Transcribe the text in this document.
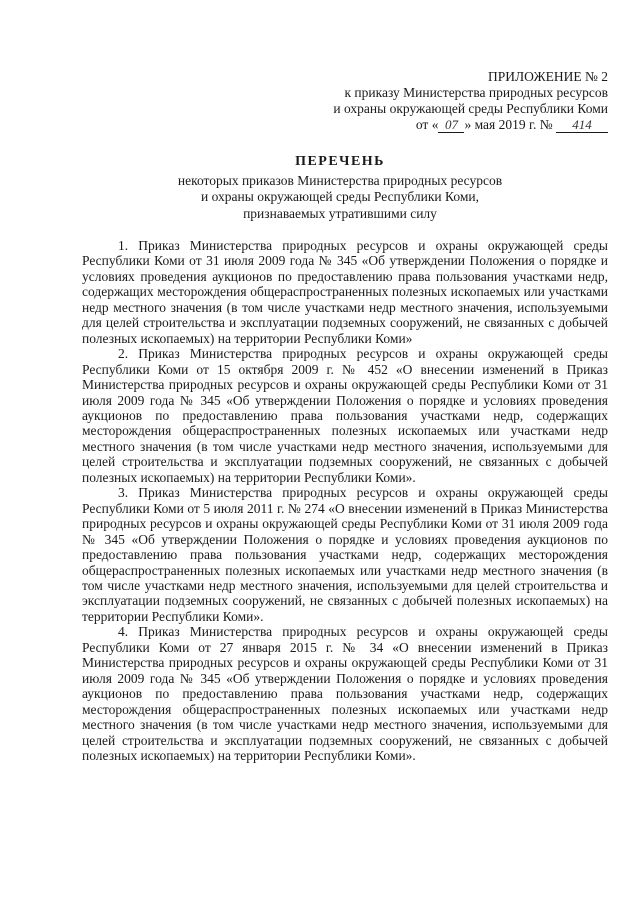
ПРИЛОЖЕНИЕ № 2
к приказу Министерства природных ресурсов
и охраны окружающей среды Республики Коми
от « 07 » мая 2019 г. № 414
ПЕРЕЧЕНЬ
некоторых приказов Министерства природных ресурсов
и охраны окружающей среды Республики Коми,
признаваемых утратившими силу

1. Приказ Министерства природных ресурсов и охраны окружающей среды Республики Коми от 31 июля 2009 года № 345 «Об утверждении Положения о порядке и условиях проведения аукционов по предоставлению права пользования участками недр, содержащих месторождения общераспространенных полезных ископаемых или участками недр местного значения (в том числе участками недр местного значения, используемыми для целей строительства и эксплуатации подземных сооружений, не связанных с добычей полезных ископаемых) на территории Республики Коми»

2. Приказ Министерства природных ресурсов и охраны окружающей среды Республики Коми от 15 октября 2009 г. № 452 «О внесении изменений в Приказ Министерства природных ресурсов и охраны окружающей среды Республики Коми от 31 июля 2009 года № 345 «Об утверждении Положения о порядке и условиях проведения аукционов по предоставлению права пользования участками недр, содержащих месторождения общераспространенных полезных ископаемых или участками недр местного значения (в том числе участками недр местного значения, используемыми для целей строительства и эксплуатации подземных сооружений, не связанных с добычей полезных ископаемых) на территории Республики Коми».

3. Приказ Министерства природных ресурсов и охраны окружающей среды Республики Коми от 5 июля 2011 г. № 274 «О внесении изменений в Приказ Министерства природных ресурсов и охраны окружающей среды Республики Коми от 31 июля 2009 года № 345 «Об утверждении Положения о порядке и условиях проведения аукционов по предоставлению права пользования участками недр, содержащих месторождения общераспространенных полезных ископаемых или участками недр местного значения (в том числе участками недр местного значения, используемыми для целей строительства и эксплуатации подземных сооружений, не связанных с добычей полезных ископаемых) на территории Республики Коми».

4. Приказ Министерства природных ресурсов и охраны окружающей среды Республики Коми от 27 января 2015 г. № 34 «О внесении изменений в Приказ Министерства природных ресурсов и охраны окружающей среды Республики Коми от 31 июля 2009 года № 345 «Об утверждении Положения о порядке и условиях проведения аукционов по предоставлению права пользования участками недр, содержащих месторождения общераспространенных полезных ископаемых или участками недр местного значения (в том числе участками недр местного значения, используемыми для целей строительства и эксплуатации подземных сооружений, не связанных с добычей полезных ископаемых) на территории Республики Коми».
